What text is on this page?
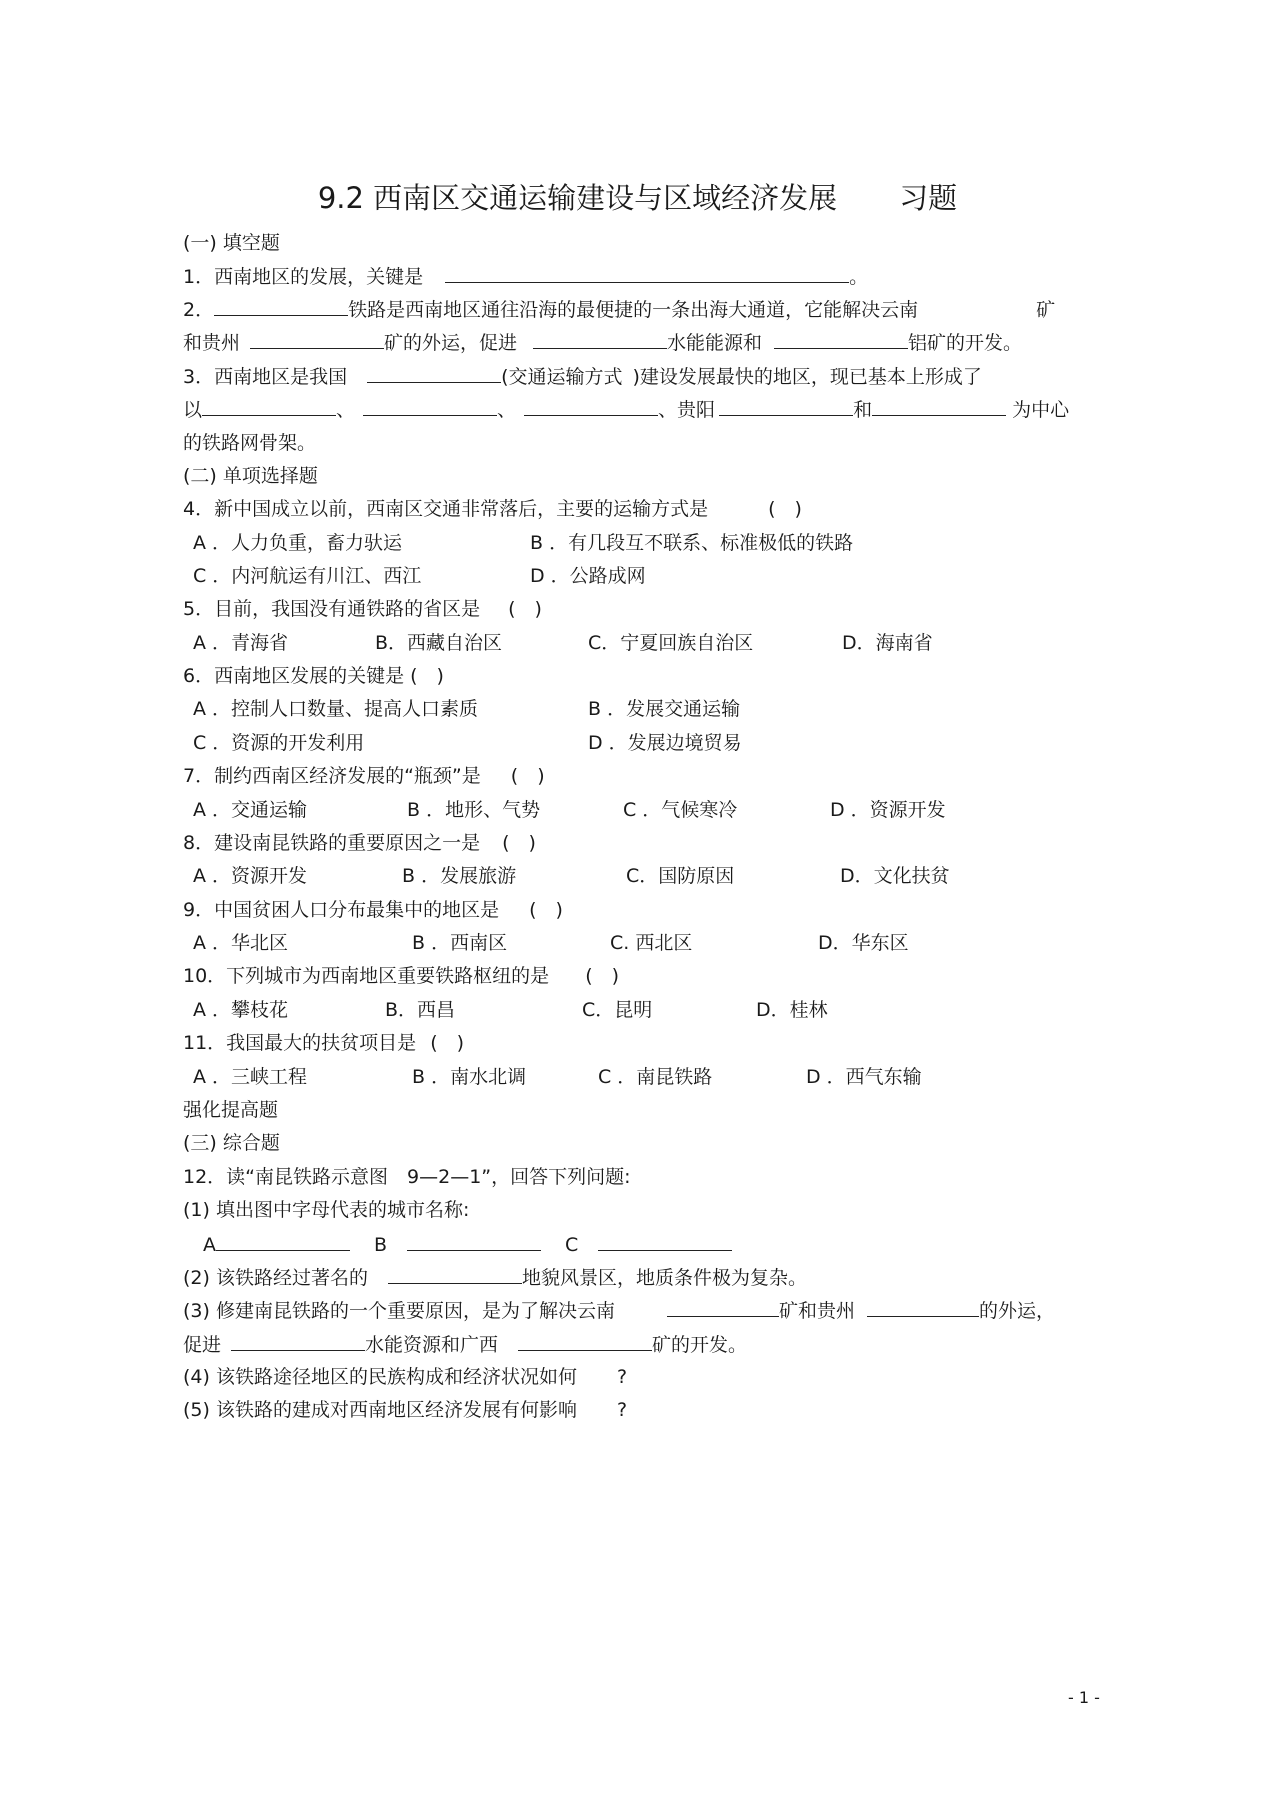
9.2 西南区交通运输建设与区域经济发展 习题
(一) 填空题
1．西南地区的发展，关键是	。
2．	铁路是西南地区通往沿海的最便捷的一条出海大通道，它能解决云南	矿
和贵州	矿的外运，促进	水能能源和	铝矿的开发。
3．西南地区是我国	(交通运输方式 )建设发展最快的地区，现已基本上形成了
以	、	、	、贵阳	和	为中心
的铁路网骨架。
(二) 单项选择题
4．新中国成立以前，西南区交通非常落后，主要的运输方式是	(　)
A ．人力负重，畜力驮运	B ．有几段互不联系、标准极低的铁路
C ．内河航运有川江、西江	D ．公路成网
5．目前，我国没有通铁路的省区是 (　)
A ．青海省	B．西藏自治区	C．宁夏回族自治区	D．海南省
6．西南地区发展的关键是 (　)
A ．控制人口数量、提高人口素质	B ．发展交通运输
C ．资源的开发利用	D ．发展边境贸易
7．制约西南区经济发展的“瓶颈”是 (　)
A ．交通运输	B ．地形、气势	C ．气候寒冷	D ．资源开发
8．建设南昆铁路的重要原因之一是 (　)
A ．资源开发	B ．发展旅游	C．国防原因	D．文化扶贫
9．中国贫困人口分布最集中的地区是 (　)
A ．华北区	B ．西南区	C. 西北区	D．华东区
10．下列城市为西南地区重要铁路枢纽的是 (　)
A ．攀枝花	B．西昌	C．昆明	D．桂林
11．我国最大的扶贫项目是 (　)
A ．三峡工程	B ．南水北调	C ．南昆铁路	D ．西气东输
强化提高题
(三) 综合题
12．读“南昆铁路示意图　9—2—1”，回答下列问题:
(1) 填出图中字母代表的城市名称:
A	B	C
(2) 该铁路经过著名的	地貌风景区，地质条件极为复杂。
(3) 修建南昆铁路的一个重要原因，是为了解决云南	矿和贵州	的外运，
促进	水能资源和广西	矿的开发。
(4) 该铁路途径地区的民族构成和经济状况如何 ?
(5) 该铁路的建成对西南地区经济发展有何影响 ?
- 1 -
